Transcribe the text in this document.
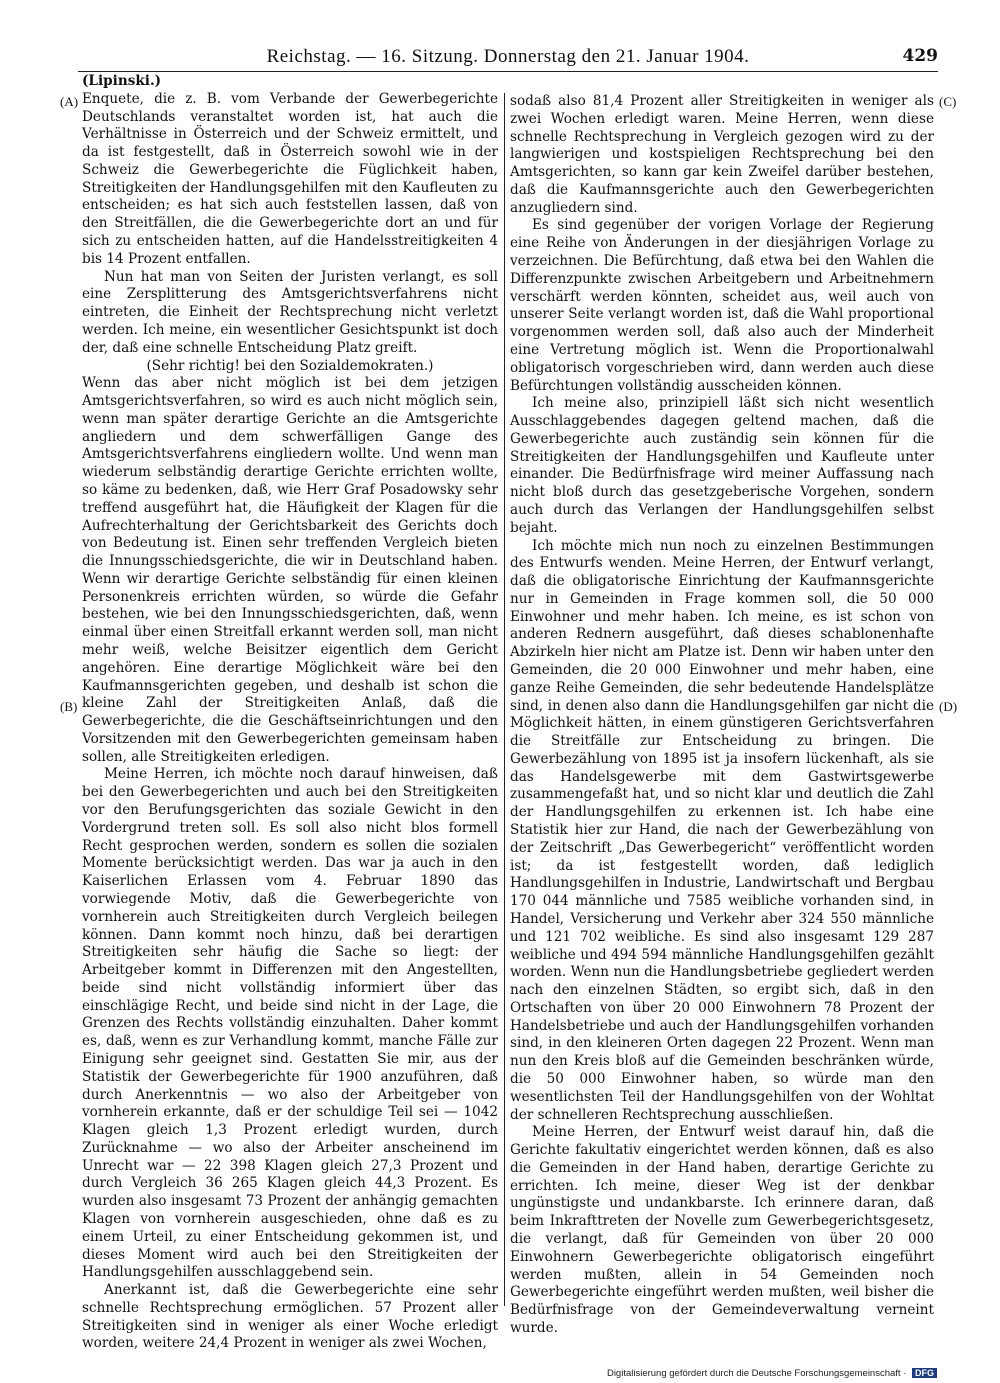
Reichstag. — 16. Sitzung. Donnerstag den 21. Januar 1904.	429
(A)
(B)
(C)
(D)

(Lipinski.)

Enquete, die z. B. vom Verbande der Gewerbegerichte Deutschlands veranstaltet worden ist, hat auch die Verhältnisse in Österreich und der Schweiz ermittelt, und da ist festgestellt, daß in Österreich sowohl wie in der Schweiz die Gewerbegerichte die Füglichkeit haben, Streitigkeiten der Handlungsgehilfen mit den Kaufleuten zu entscheiden; es hat sich auch feststellen lassen, daß von den Streitfällen, die die Gewerbegerichte dort an und für sich zu entscheiden hatten, auf die Handelsstreitigkeiten 4 bis 14 Prozent entfallen.

Nun hat man von Seiten der Juristen verlangt, es soll eine Zersplitterung des Amtsgerichtsverfahrens nicht eintreten, die Einheit der Rechtsprechung nicht verletzt werden. Ich meine, ein wesentlicher Gesichtspunkt ist doch der, daß eine schnelle Entscheidung Platz greift.

(Sehr richtig! bei den Sozialdemokraten.)

Wenn das aber nicht möglich ist bei dem jetzigen Amtsgerichtsverfahren, so wird es auch nicht möglich sein, wenn man später derartige Gerichte an die Amtsgerichte angliedern und dem schwerfälligen Gange des Amtsgerichtsverfahrens eingliedern wollte. Und wenn man wiederum selbständig derartige Gerichte errichten wollte, so käme zu bedenken, daß, wie Herr Graf Posadowsky sehr treffend ausgeführt hat, die Häufigkeit der Klagen für die Aufrechterhaltung der Gerichtsbarkeit des Gerichts doch von Bedeutung ist. Einen sehr treffenden Vergleich bieten die Innungsschiedsgerichte, die wir in Deutschland haben. Wenn wir derartige Gerichte selbständig für einen kleinen Personenkreis errichten würden, so würde die Gefahr bestehen, wie bei den Innungsschiedsgerichten, daß, wenn einmal über einen Streitfall erkannt werden soll, man nicht mehr weiß, welche Beisitzer eigentlich dem Gericht angehören. Eine derartige Möglichkeit wäre bei den Kaufmannsgerichten gegeben, und deshalb ist schon die kleine Zahl der Streitigkeiten Anlaß, daß die Gewerbegerichte, die die Geschäftseinrichtungen und den Vorsitzenden mit den Gewerbegerichten gemeinsam haben sollen, alle Streitigkeiten erledigen.

Meine Herren, ich möchte noch darauf hinweisen, daß bei den Gewerbegerichten und auch bei den Streitigkeiten vor den Berufungsgerichten das soziale Gewicht in den Vordergrund treten soll. Es soll also nicht blos formell Recht gesprochen werden, sondern es sollen die sozialen Momente berücksichtigt werden. Das war ja auch in den Kaiserlichen Erlassen vom 4. Februar 1890 das vorwiegende Motiv, daß die Gewerbegerichte von vornherein auch Streitigkeiten durch Vergleich beilegen können. Dann kommt noch hinzu, daß bei derartigen Streitigkeiten sehr häufig die Sache so liegt: der Arbeitgeber kommt in Differenzen mit den Angestellten, beide sind nicht vollständig informiert über das einschlägige Recht, und beide sind nicht in der Lage, die Grenzen des Rechts vollständig einzuhalten. Daher kommt es, daß, wenn es zur Verhandlung kommt, manche Fälle zur Einigung sehr geeignet sind. Gestatten Sie mir, aus der Statistik der Gewerbegerichte für 1900 anzuführen, daß durch Anerkenntnis — wo also der Arbeitgeber von vornherein erkannte, daß er der schuldige Teil sei — 1042 Klagen gleich 1,3 Prozent erledigt wurden, durch Zurücknahme — wo also der Arbeiter anscheinend im Unrecht war — 22 398 Klagen gleich 27,3 Prozent und durch Vergleich 36 265 Klagen gleich 44,3 Prozent. Es wurden also insgesamt 73 Prozent der anhängig gemachten Klagen von vornherein ausgeschieden, ohne daß es zu einem Urteil, zu einer Entscheidung gekommen ist, und dieses Moment wird auch bei den Streitigkeiten der Handlungsgehilfen ausschlaggebend sein.

Anerkannt ist, daß die Gewerbegerichte eine sehr schnelle Rechtsprechung ermöglichen. 57 Prozent aller Streitigkeiten sind in weniger als einer Woche erledigt worden, weitere 24,4 Prozent in weniger als zwei Wochen,

sodaß also 81,4 Prozent aller Streitigkeiten in weniger als zwei Wochen erledigt waren. Meine Herren, wenn diese schnelle Rechtsprechung in Vergleich gezogen wird zu der langwierigen und kostspieligen Rechtsprechung bei den Amtsgerichten, so kann gar kein Zweifel darüber bestehen, daß die Kaufmannsgerichte auch den Gewerbegerichten anzugliedern sind.

Es sind gegenüber der vorigen Vorlage der Regierung eine Reihe von Änderungen in der diesjährigen Vorlage zu verzeichnen. Die Befürchtung, daß etwa bei den Wahlen die Differenzpunkte zwischen Arbeitgebern und Arbeitnehmern verschärft werden könnten, scheidet aus, weil auch von unserer Seite verlangt worden ist, daß die Wahl proportional vorgenommen werden soll, daß also auch der Minderheit eine Vertretung möglich ist. Wenn die Proportionalwahl obligatorisch vorgeschrieben wird, dann werden auch diese Befürchtungen vollständig ausscheiden können.

Ich meine also, prinzipiell läßt sich nicht wesentlich Ausschlaggebendes dagegen geltend machen, daß die Gewerbegerichte auch zuständig sein können für die Streitigkeiten der Handlungsgehilfen und Kaufleute unter einander. Die Bedürfnisfrage wird meiner Auffassung nach nicht bloß durch das gesetzgeberische Vorgehen, sondern auch durch das Verlangen der Handlungsgehilfen selbst bejaht.

Ich möchte mich nun noch zu einzelnen Bestimmungen des Entwurfs wenden. Meine Herren, der Entwurf verlangt, daß die obligatorische Einrichtung der Kaufmannsgerichte nur in Gemeinden in Frage kommen soll, die 50 000 Einwohner und mehr haben. Ich meine, es ist schon von anderen Rednern ausgeführt, daß dieses schablonenhafte Abzirkeln hier nicht am Platze ist. Denn wir haben unter den Gemeinden, die 20 000 Einwohner und mehr haben, eine ganze Reihe Gemeinden, die sehr bedeutende Handelsplätze sind, in denen also dann die Handlungsgehilfen gar nicht die Möglichkeit hätten, in einem günstigeren Gerichtsverfahren die Streitfälle zur Entscheidung zu bringen. Die Gewerbezählung von 1895 ist ja insofern lückenhaft, als sie das Handelsgewerbe mit dem Gastwirtsgewerbe zusammengefaßt hat, und so nicht klar und deutlich die Zahl der Handlungsgehilfen zu erkennen ist. Ich habe eine Statistik hier zur Hand, die nach der Gewerbezählung von der Zeitschrift „Das Gewerbegericht“ veröffentlicht worden ist; da ist festgestellt worden, daß lediglich Handlungsgehilfen in Industrie, Landwirtschaft und Bergbau 170 044 männliche und 7585 weibliche vorhanden sind, in Handel, Versicherung und Verkehr aber 324 550 männliche und 121 702 weibliche. Es sind also insgesamt 129 287 weibliche und 494 594 männliche Handlungsgehilfen gezählt worden. Wenn nun die Handlungsbetriebe gegliedert werden nach den einzelnen Städten, so ergibt sich, daß in den Ortschaften von über 20 000 Einwohnern 78 Prozent der Handelsbetriebe und auch der Handlungsgehilfen vorhanden sind, in den kleineren Orten dagegen 22 Prozent. Wenn man nun den Kreis bloß auf die Gemeinden beschränken würde, die 50 000 Einwohner haben, so würde man den wesentlichsten Teil der Handlungsgehilfen von der Wohltat der schnelleren Rechtsprechung ausschließen.

Meine Herren, der Entwurf weist darauf hin, daß die Gerichte fakultativ eingerichtet werden können, daß es also die Gemeinden in der Hand haben, derartige Gerichte zu errichten. Ich meine, dieser Weg ist der denkbar ungünstigste und undankbarste. Ich erinnere daran, daß beim Inkrafttreten der Novelle zum Gewerbegerichtsgesetz, die verlangt, daß für Gemeinden von über 20 000 Einwohnern Gewerbegerichte obligatorisch eingeführt werden mußten, allein in 54 Gemeinden noch Gewerbegerichte eingeführt werden mußten, weil bisher die Bedürfnisfrage von der Gemeindeverwaltung verneint wurde.

Digitalisierung gefördert durch die Deutsche Forschungsgemeinschaft · DFG
